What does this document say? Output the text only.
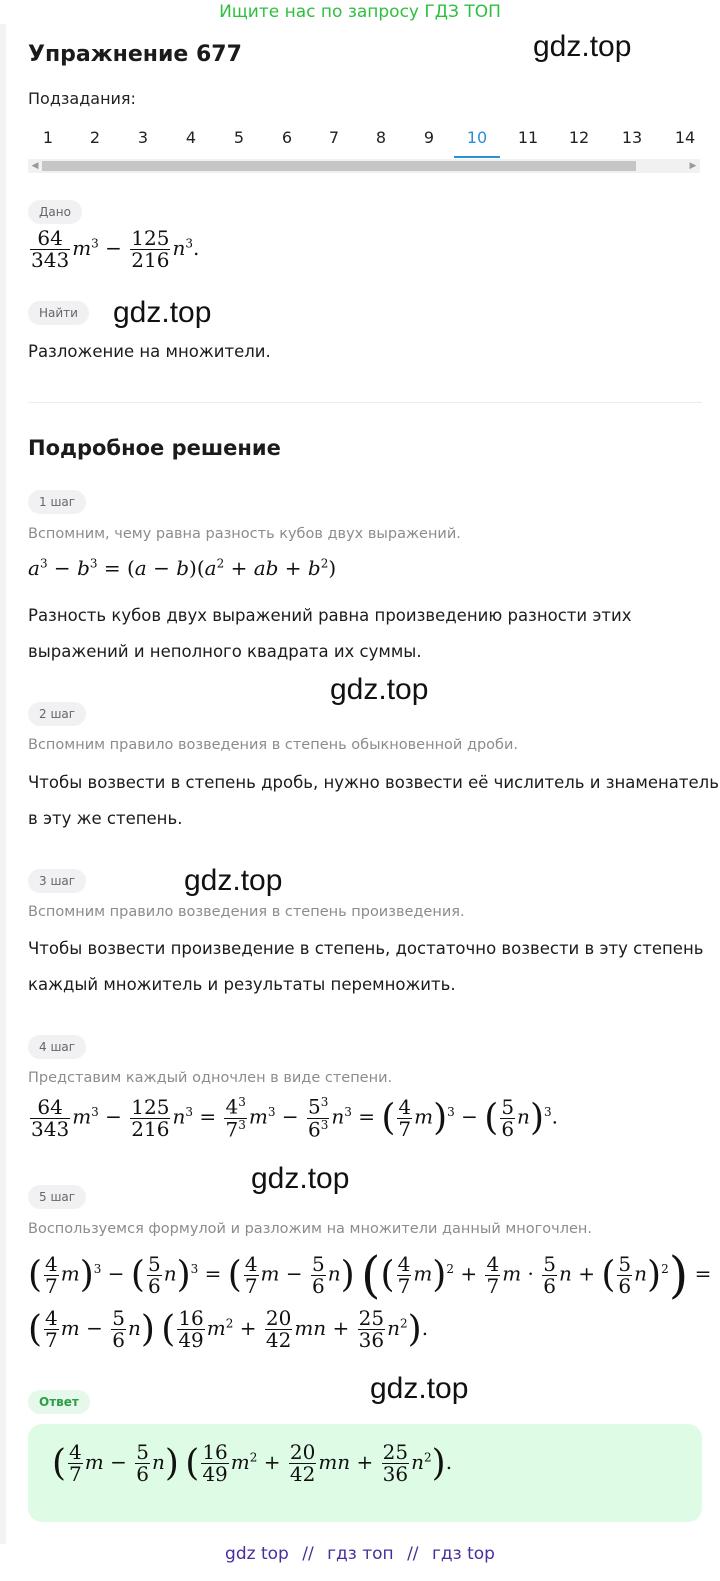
Ищите нас по запросу ГДЗ ТОП
Упражнение 677	gdz.top
Подзадания:
1	2	3	4	5	6	7	8	9	10	11	12	13	14
◀	▶
Дано
$\frac{64}{343} m^3 - \frac{125}{216} n^3$.
Найти	gdz.top
Разложение на множители.
Подробное решение
1 шаг
Вспомним, чему равна разность кубов двух выражений.
$a^3 - b^3 = (a - b)(a^2$ + ab + $b^2$)
Разность кубов двух выражений равна произведению разности этих
выражений и неполного квадрата их суммы.
gdz.top
2 шаг
Вспомним правило возведения в степень обыкновенной дроби.
Чтобы возвести в степень дробь, нужно возвести её числитель и знаменатель
в эту же степень.
3 шаг	gdz.top
Вспомним правило возведения в степень произведения.
Чтобы возвести произведение в степень, достаточно возвести в эту степень
каждый множитель и результаты перемножить.
4 шаг
Представим каждый одночлен в виде степени.
$\frac{64}{343} m^3 - \frac{125}{216} n^3 = \frac{4^3}{7^3} m^3 - \frac{5^3}{6^3} n^3$ = ( $\frac{4}{7} m)^3$ − ( $\frac{5}{6} n)^3$.
gdz.top
5 шаг
Воспользуемся формулой и разложим на множители данный многочлен.
( $\frac{4}{7} m)^3$ − ( $\frac{5}{6} n)^3$ = ( $\frac{4}{7}$ $m - \frac{5}{6} n$) (( $\frac{4}{7} m)^2 + \frac{4}{7}$ $m \cdot \frac{5}{6}$ n + ( $\frac{5}{6} n)^2$) =
( $\frac{4}{7}$ $m - \frac{5}{6} n$) ( $\frac{16}{49} m^2 + \frac{20}{42}$ mn + $\frac{25}{36} n^2$).
Ответ	gdz.top
( $\frac{4}{7}$ $m - \frac{5}{6} n$) ( $\frac{16}{49} m^2 + \frac{20}{42}$ mn + $\frac{25}{36} n^2$).
gdz top // гдз топ // гдз top
